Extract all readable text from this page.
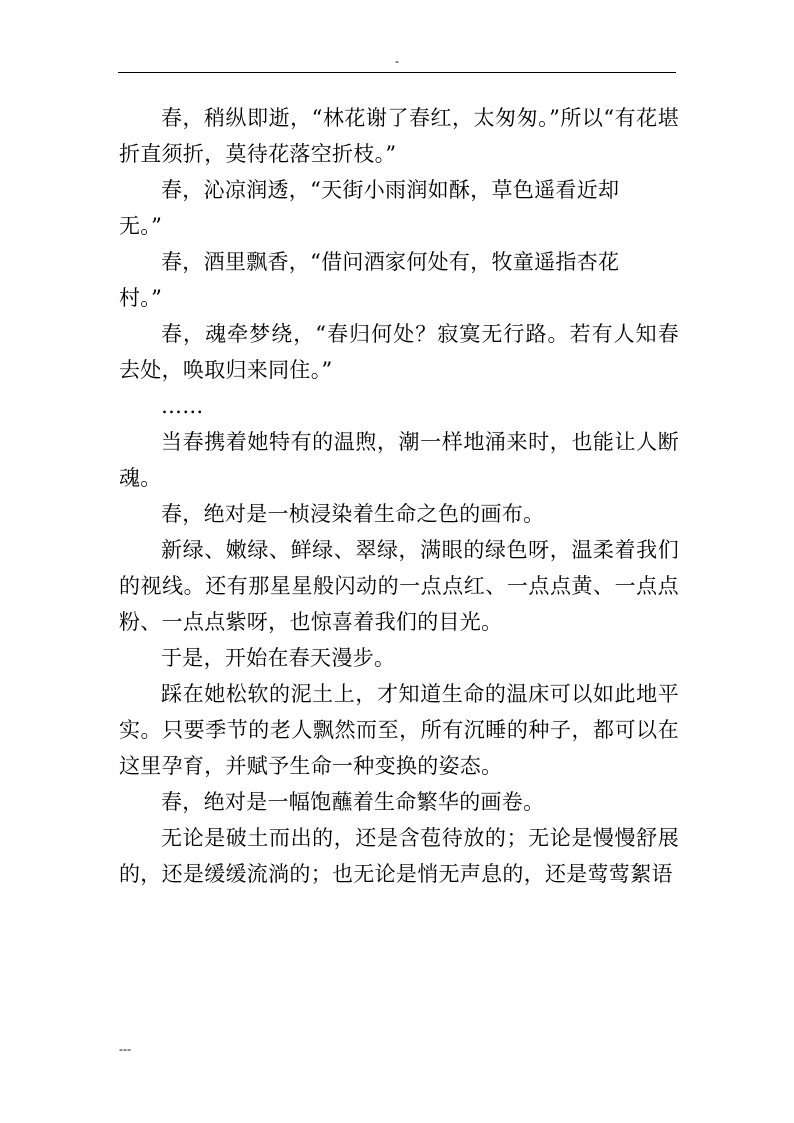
-

春，稍纵即逝，“林花谢了春红，太匆匆。”所以“有花堪折直须折，莫待花落空折枝。”

春，沁凉润透，“天街小雨润如酥，草色遥看近却
无。”

春，酒里飘香，“借问酒家何处有，牧童遥指杏花
村。”

春，魂牵梦绕，“春归何处？寂寞无行路。若有人知春去处，唤取归来同住。”

……

当春携着她特有的温煦，潮一样地涌来时，也能让人断魂。

春，绝对是一桢浸染着生命之色的画布。

新绿、嫩绿、鲜绿、翠绿，满眼的绿色呀，温柔着我们的视线。还有那星星般闪动的一点点红、一点点黄、一点点粉、一点点紫呀，也惊喜着我们的目光。

于是，开始在春天漫步。

踩在她松软的泥土上，才知道生命的温床可以如此地平实。只要季节的老人飘然而至，所有沉睡的种子，都可以在这里孕育，并赋予生命一种变换的姿态。

春，绝对是一幅饱蘸着生命繁华的画卷。

无论是破土而出的，还是含苞待放的；无论是慢慢舒展的，还是缓缓流淌的；也无论是悄无声息的，还是莺莺絮语

---
